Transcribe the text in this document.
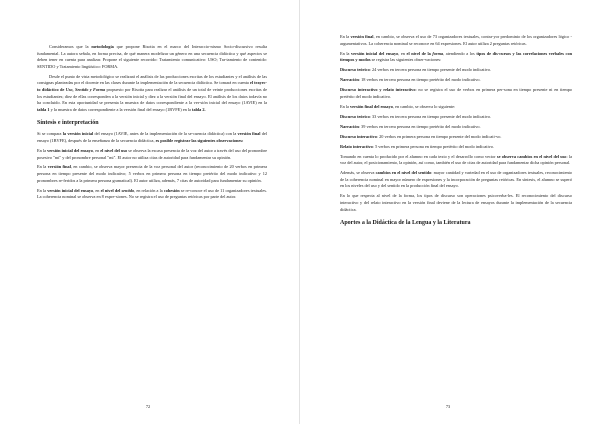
Consideramos que la metodología que propone Risotta en el marco del Interaccio-nismo Socio-discursivo resulta fundamental. La autora señala, en forma precisa, de qué manera modelizar un género en una secuencia didáctica y qué aspectos se deben tener en cuenta para analizar. Propone el siguiente recorrido: Tratamiento comunicativo: USO; Tra-tamiento de contenido: SENTIDO y Tratamiento lingüístico: FORMA.

Desde el punto de vista metodológico se realizará el análisis de las producciones escritas de los estudiantes y el análisis de las consignas planteadas por el docente en las clases durante la implementación de la secuencia didáctica. Se tomará en cuenta el trayec-to didáctico de Uso, Sentido y Forma propuesto por Risotta para realizar el análisis de un total de veinte producciones escritas de los estudiantes; diez de ellas corresponden a la versión inicial y diez a la versión final del ensayo. El análisis de los datos todavía no ha concluido. En esta oportunidad se presenta la muestra de datos correspondiente a la ver-sión inicial del ensayo (1AVIE) en la tabla 1 y la muestra de datos correspondiente a la versión final del ensayo (1BVFE) en la tabla 2.

Síntesis e interpretación

Si se compara la versión inicial del ensayo (1AVIE, antes de la implementación de la se-cuencia didáctica) con la versión final del ensayo (1BVFE), después de la enseñanza de la secuencia didáctica, es posible registrar las siguientes observaciones:

En la versión inicial del ensayo, en el nivel del uso se observa la escasa presencia de la voz del autor a través del uso del pronombre posesivo "mi" y del pronombre personal "mi". El autor no utiliza citas de autoridad para fundamentar su opinión.

En la versión final, en cambio, se observa mayor presencia de la voz personal del autor (reconocimiento de 20 verbos en primera persona en tiempo presente del modo indicativo; 5 verbos en primera persona en tiempo pretérito del modo indicativo y 12 pronombres re-feridos a la primera persona gramatical). El autor utiliza, además, 7 citas de autoridad para fundamentar su opinión.

En la versión inicial del ensayo, en el nivel del sentido, en relación a la cohesión se re-conoce el uso de 11 organizadores textuales. La coherencia nominal se observa en 8 expre-siones. No se registra el uso de preguntas retóricas por parte del autor.

72

En la versión final, en cambio, se observa el uso de 73 organizadores textuales, contra-yor predominio de los organizadores lógico - argumentativos. La coherencia nominal se reconoce en 64 expresiones. El autor utiliza 2 preguntas retóricas.

En la versión inicial del ensayo, en el nivel de la forma, atendiendo a los tipos de dis-cursos y las correlaciones verbales con tiempos y modos se registra las siguientes obser-vaciones:

Discurso teórico: 24 verbos en tercera persona en tiempo presente del modo indicativo.

Narración: 18 verbos en tercera persona en tiempo pretérito del modo indicativo.

Discurso interactivo y relato interactivo: no se registra el uso de verbos en primera per-sona en tiempo presente ni en tiempo pretérito del modo indicativo.

En la versión final del ensayo, en cambio, se observa lo siguiente:

Discurso teórico: 33 verbos en tercera persona en tiempo presente del modo indicativo.

Narración: 39 verbos en tercera persona en tiempo pretérito del modo indicativo.

Discurso interactivo: 20 verbos en primera persona en tiempo presente del modo indicati-vo.

Relato interactivo: 5 verbos en primera persona en tiempo pretérito del modo indicativo.

Tomando en cuenta lo producido por el alumno en cada texto y el desarrollo como vector se observa cambios en el nivel del uso: la voz del autor, el posicionamiento, la opinión, así como, también el uso de citas de autoridad para fundamentar dicha opinión personal.

Además, se observa cambios en el nivel del sentido: mayor cantidad y variedad en el uso de organizadores textuales, reconocimiento de la coherencia nominal en mayor número de expresiones y la incorporación de preguntas retóricas. En síntesis, el alumno se superó en los niveles del uso y del sentido en la producción final del ensayo.

En lo que respecta al nivel de la forma, los tipos de discurso son operaciones psicoverba-les. El reconocimiento del discurso interactivo y del relato interactivo en la versión final deviene de la lectura de ensayos durante la implementación de la secuencia didáctica.

Aportes a la Didáctica de la Lengua y la Literatura
73
